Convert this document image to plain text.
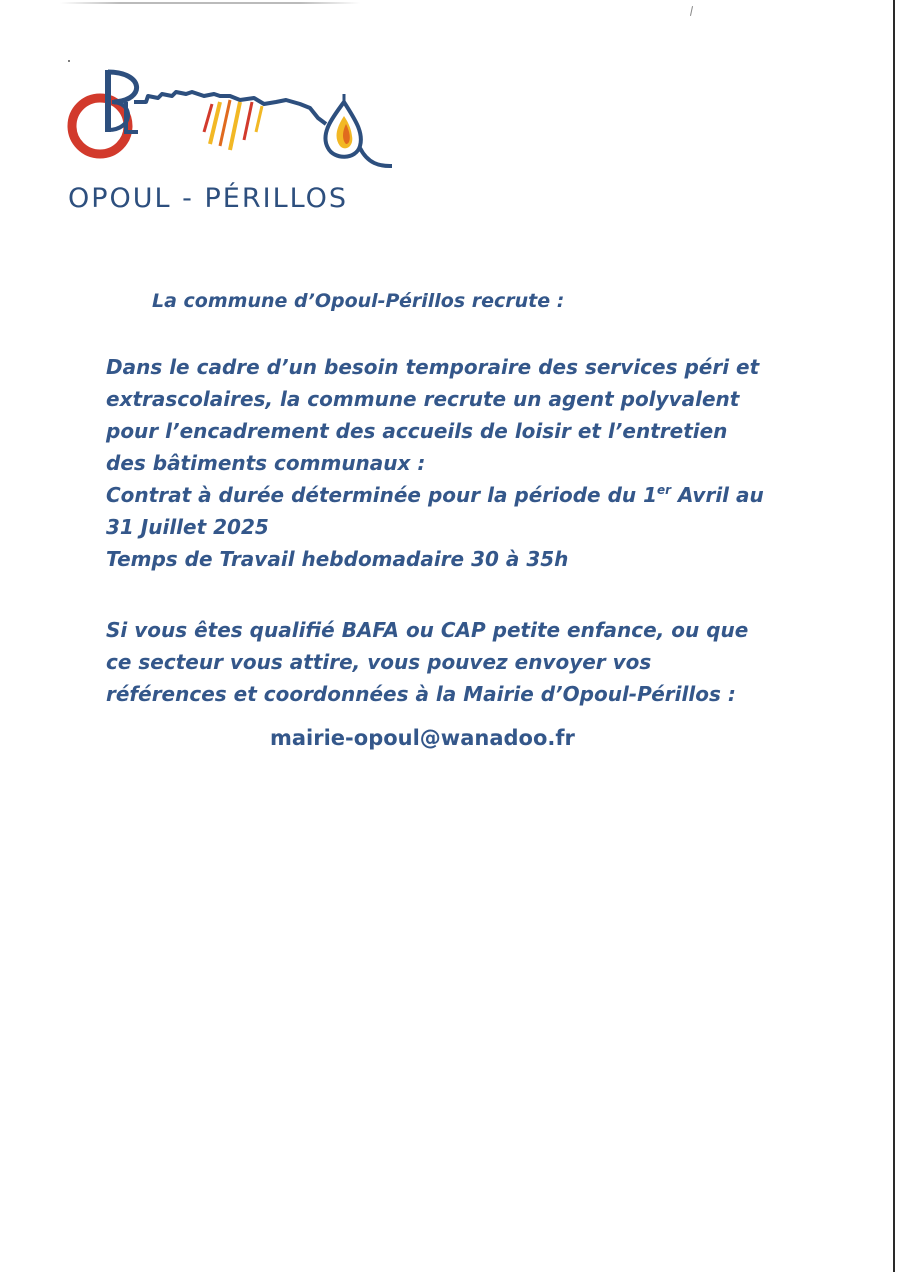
OPOUL - PÉRILLOS
La commune d’Opoul-Périllos recrute :
Dans le cadre d’un besoin temporaire des services péri et
extrascolaires, la commune recrute un agent polyvalent
pour l’encadrement des accueils de loisir et l’entretien
des bâtiments communaux :
Contrat à durée déterminée pour la période du 1er Avril au
31 Juillet 2025
Temps de Travail hebdomadaire 30 à 35h
Si vous êtes qualifié BAFA ou CAP petite enfance, ou que
ce secteur vous attire, vous pouvez envoyer vos
références et coordonnées à la Mairie d’Opoul-Périllos :
mairie-opoul@wanadoo.fr
